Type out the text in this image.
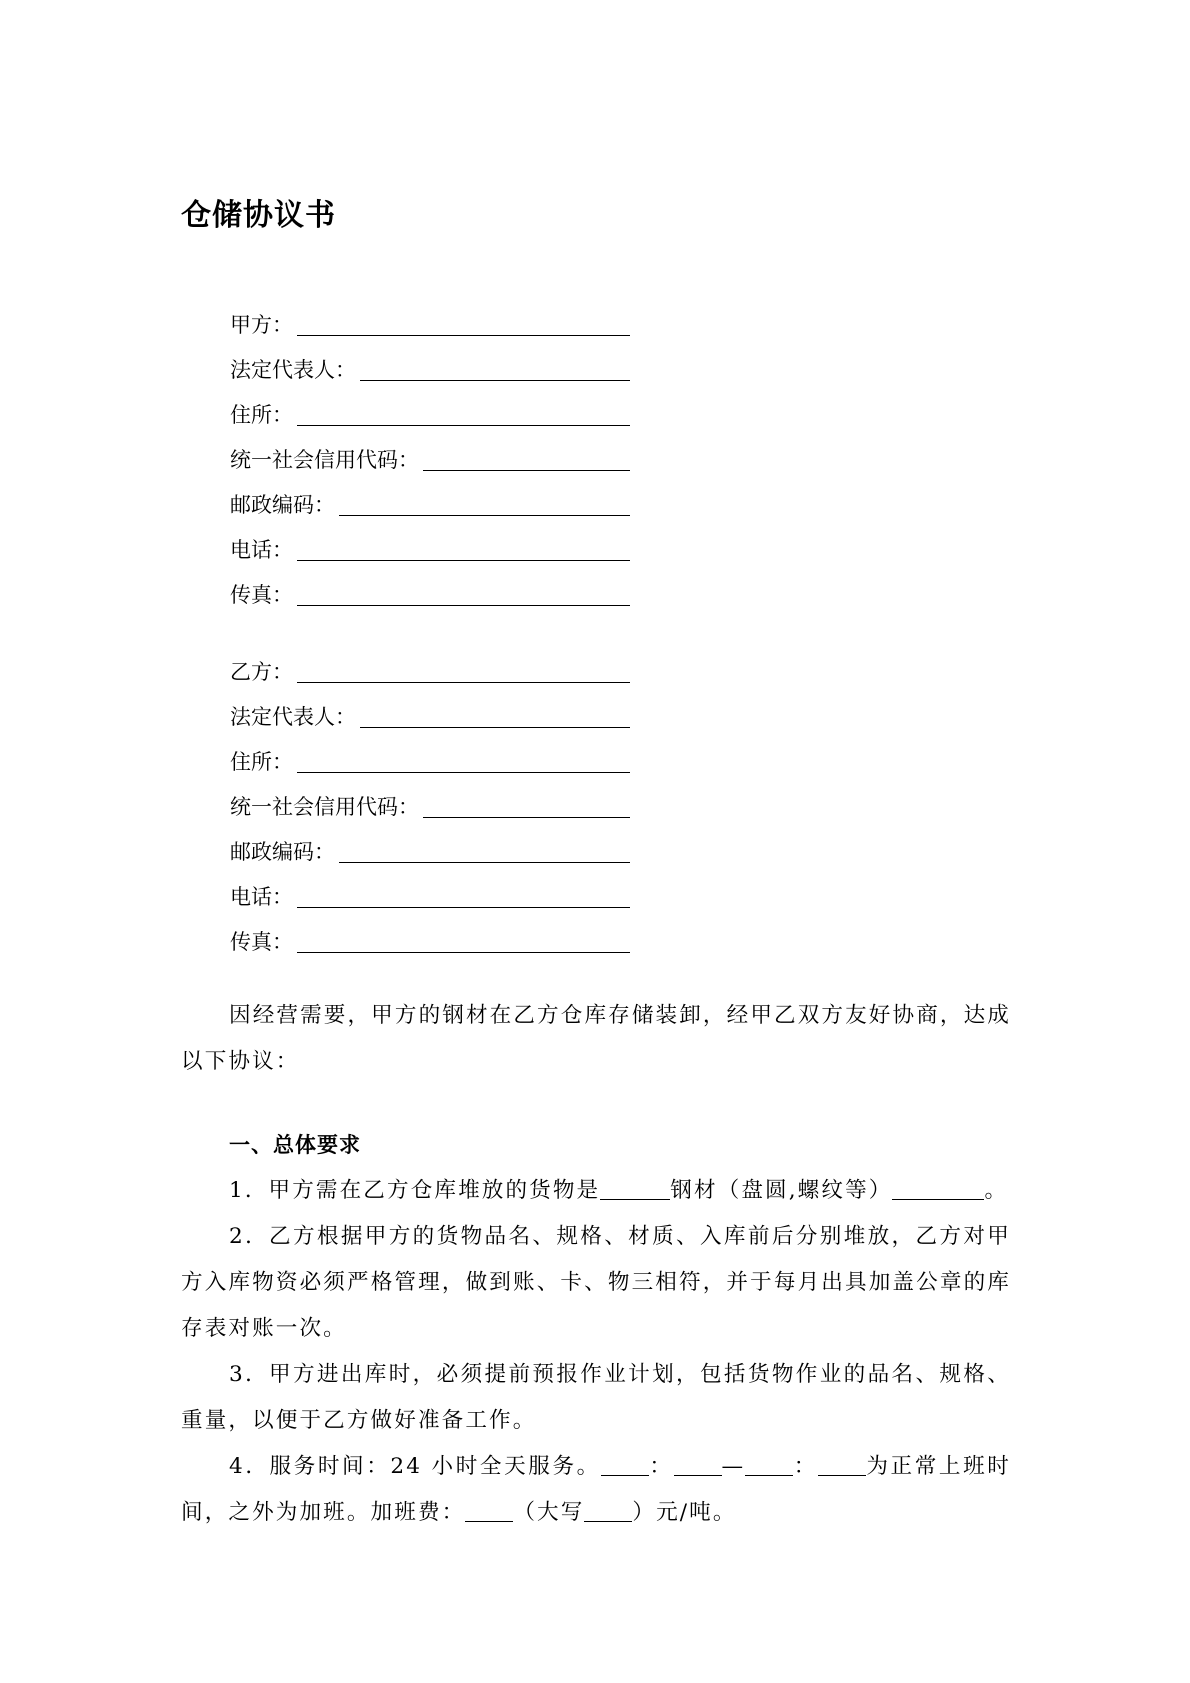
仓储协议书
甲方：
法定代表人：
住所：
统一社会信用代码：
邮政编码：
电话：
传真：
乙方：
法定代表人：
住所：
统一社会信用代码：
邮政编码：
电话：
传真：

因经营需要，甲方的钢材在乙方仓库存储装卸，经甲乙双方友好协商，达成以下协议：

一、总体要求

1．甲方需在乙方仓库堆放的货物是	钢材（盘圆,螺纹等）	。

2．乙方根据甲方的货物品名、规格、材质、入库前后分别堆放，乙方对甲方入库物资必须严格管理，做到账、卡、物三相符，并于每月出具加盖公章的库存表对账一次。

3．甲方进出库时，必须提前预报作业计划，包括货物作业的品名、规格、重量，以便于乙方做好准备工作。

4．服务时间：24 小时全天服务。 ： — ： 为正常上班时间，之外为加班。加班费： （大写 ）元/吨。
